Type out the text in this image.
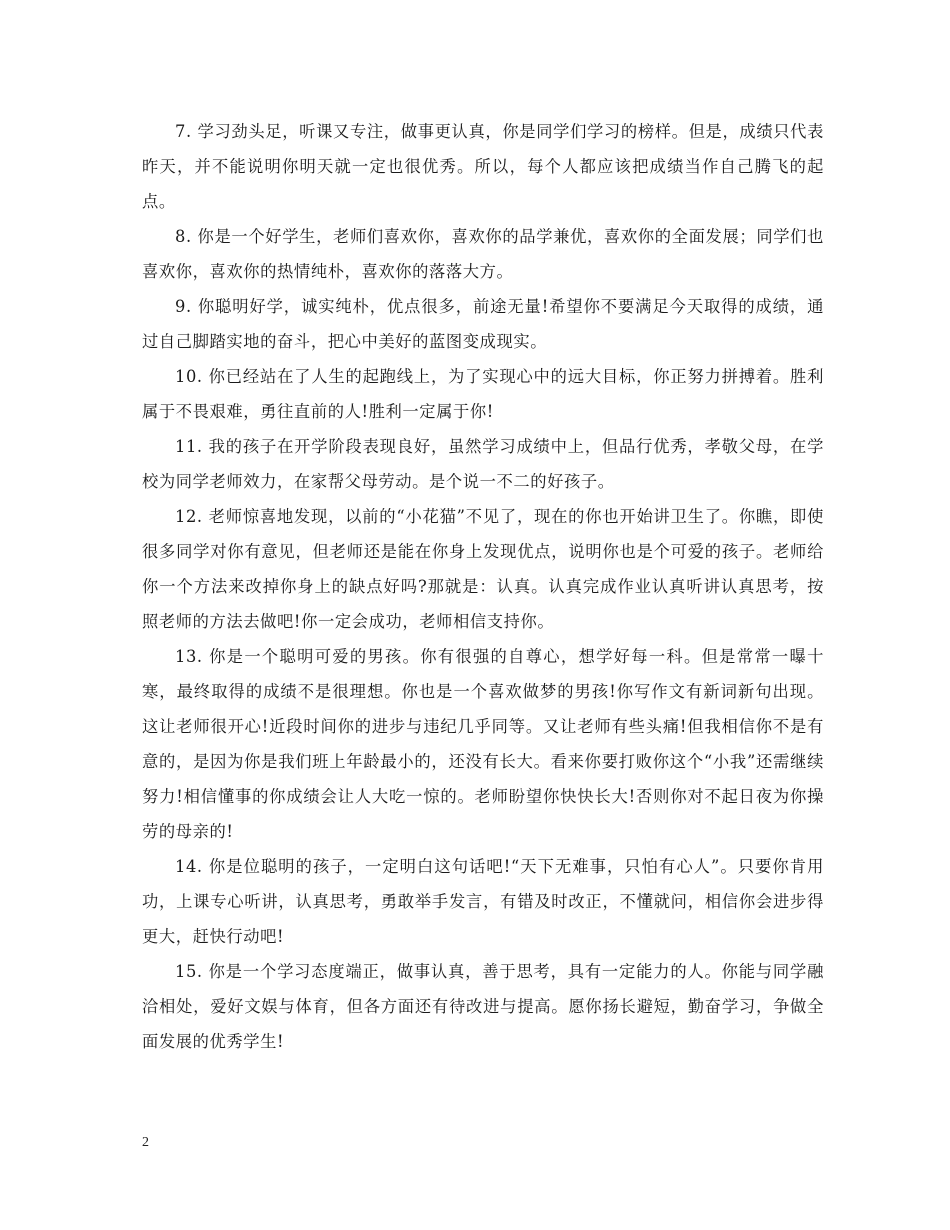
7. 学习劲头足，听课又专注，做事更认真，你是同学们学习的榜样。但是，成绩只代表昨天，并不能说明你明天就一定也很优秀。所以，每个人都应该把成绩当作自己腾飞的起点。

8. 你是一个好学生，老师们喜欢你，喜欢你的品学兼优，喜欢你的全面发展；同学们也喜欢你，喜欢你的热情纯朴，喜欢你的落落大方。

9. 你聪明好学，诚实纯朴，优点很多，前途无量!希望你不要满足今天取得的成绩，通过自己脚踏实地的奋斗，把心中美好的蓝图变成现实。

10. 你已经站在了人生的起跑线上，为了实现心中的远大目标，你正努力拼搏着。胜利属于不畏艰难，勇往直前的人!胜利一定属于你!

11. 我的孩子在开学阶段表现良好，虽然学习成绩中上，但品行优秀，孝敬父母，在学校为同学老师效力，在家帮父母劳动。是个说一不二的好孩子。

12. 老师惊喜地发现，以前的“小花猫”不见了，现在的你也开始讲卫生了。你瞧，即使很多同学对你有意见，但老师还是能在你身上发现优点，说明你也是个可爱的孩子。老师给你一个方法来改掉你身上的缺点好吗?那就是：认真。认真完成作业认真听讲认真思考，按照老师的方法去做吧!你一定会成功，老师相信支持你。

13. 你是一个聪明可爱的男孩。你有很强的自尊心，想学好每一科。但是常常一曝十寒，最终取得的成绩不是很理想。你也是一个喜欢做梦的男孩!你写作文有新词新句出现。这让老师很开心!近段时间你的进步与违纪几乎同等。又让老师有些头痛!但我相信你不是有意的，是因为你是我们班上年龄最小的，还没有长大。看来你要打败你这个“小我”还需继续努力!相信懂事的你成绩会让人大吃一惊的。老师盼望你快快长大!否则你对不起日夜为你操劳的母亲的!

14. 你是位聪明的孩子，一定明白这句话吧!“天下无难事，只怕有心人”。只要你肯用功，上课专心听讲，认真思考，勇敢举手发言，有错及时改正，不懂就问，相信你会进步得更大，赶快行动吧!

15. 你是一个学习态度端正，做事认真，善于思考，具有一定能力的人。你能与同学融洽相处，爱好文娱与体育，但各方面还有待改进与提高。愿你扬长避短，勤奋学习，争做全面发展的优秀学生!

2
